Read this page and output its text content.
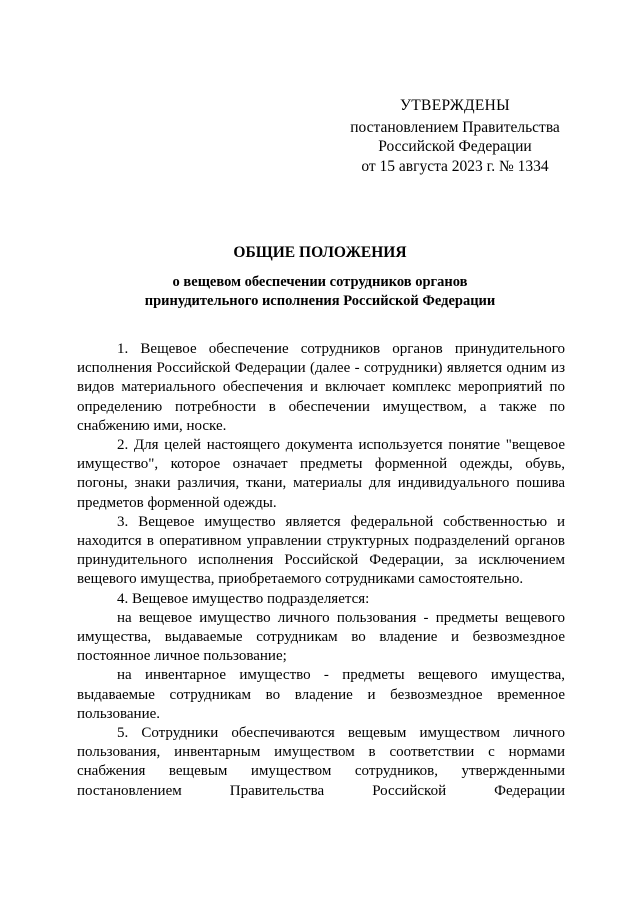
УТВЕРЖДЕНЫ
постановлением Правительства
Российской Федерации
от 15 августа 2023 г. № 1334
ОБЩИЕ ПОЛОЖЕНИЯ
о вещевом обеспечении сотрудников органов
принудительного исполнения Российской Федерации

1. Вещевое обеспечение сотрудников органов принудительного исполнения Российской Федерации (далее - сотрудники) является одним из видов материального обеспечения и включает комплекс мероприятий по определению потребности в обеспечении имуществом, а также по снабжению ими, носке.

2. Для целей настоящего документа используется понятие "вещевое имущество", которое означает предметы форменной одежды, обувь, погоны, знаки различия, ткани, материалы для индивидуального пошива предметов форменной одежды.

3. Вещевое имущество является федеральной собственностью и находится в оперативном управлении структурных подразделений органов принудительного исполнения Российской Федерации, за исключением вещевого имущества, приобретаемого сотрудниками самостоятельно.

4. Вещевое имущество подразделяется:

на вещевое имущество личного пользования - предметы вещевого имущества, выдаваемые сотрудникам во владение и безвозмездное постоянное личное пользование;

на инвентарное имущество - предметы вещевого имущества, выдаваемые сотрудникам во владение и безвозмездное временное пользование.

5. Сотрудники обеспечиваются вещевым имуществом личного пользования, инвентарным имуществом в соответствии с нормами снабжения вещевым имуществом сотрудников, утвержденными постановлением Правительства Российской Федерации
